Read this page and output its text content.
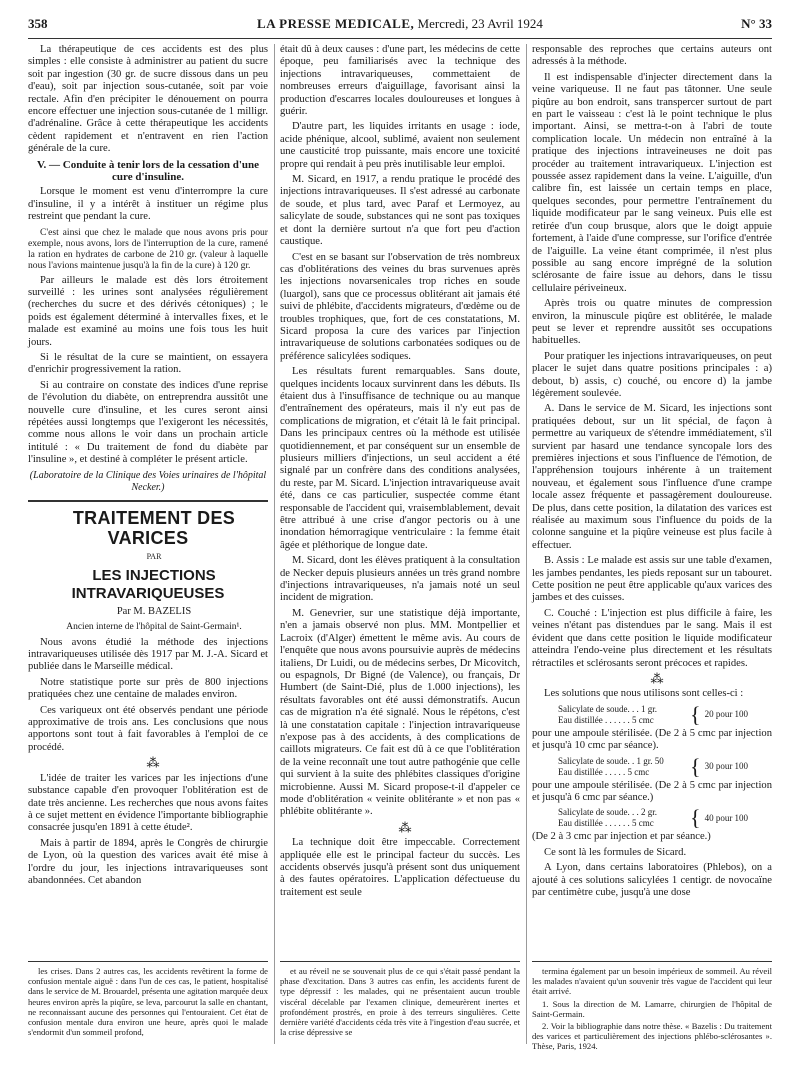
358	LA PRESSE MEDICALE, Mercredi, 23 Avril 1924	N° 33

La thérapeutique de ces accidents est des plus simples : elle consiste à administrer au patient du sucre soit par ingestion (30 gr. de sucre dissous dans un peu d'eau), soit par injection sous-cutanée, soit par voie rectale. Afin d'en précipiter le dénouement on pourra encore effectuer une injection sous-cutanée de 1 milligr. d'adrénaline. Grâce à cette thérapeutique les accidents cèdent rapidement et n'entravent en rien l'action générale de la cure.

V. — Conduite à tenir lors de la cessation d'une cure d'insuline.

Lorsque le moment est venu d'interrompre la cure d'insuline, il y a intérêt à instituer un régime plus restreint que pendant la cure.

C'est ainsi que chez le malade que nous avons pris pour exemple, nous avons, lors de l'interruption de la cure, ramené la ration en hydrates de carbone de 210 gr. (valeur à laquelle nous l'avions maintenue jusqu'à la fin de la cure) à 120 gr.

Par ailleurs le malade est dès lors étroitement surveillé : les urines sont analysées régulièrement (recherches du sucre et des dérivés cétoniques) ; le poids est également déterminé à intervalles fixes, et le malade est examiné au moins une fois tous les huit jours.

Si le résultat de la cure se maintient, on essayera d'enrichir progressivement la ration.

Si au contraire on constate des indices d'une reprise de l'évolution du diabète, on entreprendra aussitôt une nouvelle cure d'insuline, et les cures seront ainsi répétées aussi longtemps que l'exigeront les nécessités, comme nous allons le voir dans un prochain article intitulé : « Du traitement de fond du diabète par l'insuline », et destiné à compléter le présent article.

(Laboratoire de la Clinique des Voies urinaires de l'hôpital Necker.)

TRAITEMENT DES VARICES

PAR

LES INJECTIONS INTRAVARIQUEUSES

Par M. BAZELIS

Ancien interne de l'hôpital de Saint-Germain¹.

Nous avons étudié la méthode des injections intravariqueuses utilisée dès 1917 par M. J.-A. Sicard et publiée dans le Marseille médical.

Notre statistique porte sur près de 800 injections pratiquées chez une centaine de malades environ.

Ces variqueux ont été observés pendant une période approximative de trois ans. Les conclusions que nous apportons sont tout à fait favorables à l'emploi de ce procédé.

⁂

L'idée de traiter les varices par les injections d'une substance capable d'en provoquer l'oblitération est de date très ancienne. Les recherches que nous avons faites à ce sujet mettent en évidence l'importante bibliographie consacrée jusqu'en 1891 à cette étude².

Mais à partir de 1894, après le Congrès de chirurgie de Lyon, où la question des varices avait été mise à l'ordre du jour, les injections intravariqueuses sont abandonnées. Cet abandon

était dû à deux causes : d'une part, les médecins de cette époque, peu familiarisés avec la technique des injections intravariqueuses, commettaient de nombreuses erreurs d'aiguillage, favorisant ainsi la production d'escarres locales douloureuses et longues à guérir.

D'autre part, les liquides irritants en usage : iode, acide phénique, alcool, sublimé, avaient non seulement une causticité trop puissante, mais encore une toxicité propre qui rendait à peu près inutilisable leur emploi.

M. Sicard, en 1917, a rendu pratique le procédé des injections intravariqueuses. Il s'est adressé au carbonate de soude, et plus tard, avec Paraf et Lermoyez, au salicylate de soude, substances qui ne sont pas toxiques et dont la dernière surtout n'a que fort peu d'action caustique.

C'est en se basant sur l'observation de très nombreux cas d'oblitérations des veines du bras survenues après les injections novarsenicales trop riches en soude (luargol), sans que ce processus oblitérant ait jamais été suivi de phlébite, d'accidents migrateurs, d'œdème ou de troubles trophiques, que, fort de ces constatations, M. Sicard proposa la cure des varices par l'injection intravariqueuse de solutions carbonatées sodiques ou de préférence salicylées sodiques.

Les résultats furent remarquables. Sans doute, quelques incidents locaux survinrent dans les débuts. Ils étaient dus à l'insuffisance de technique ou au manque d'entraînement des opérateurs, mais il n'y eut pas de complications de migration, et c'était là le fait principal. Dans les principaux centres où la méthode est utilisée quotidiennement, et par conséquent sur un ensemble de plusieurs milliers d'injections, un seul accident a été signalé par un confrère dans des conditions analysées, du reste, par M. Sicard. L'injection intravariqueuse avait été, dans ce cas particulier, suspectée comme étant responsable de l'accident qui, vraisemblablement, devait être attribué à une crise d'angor pectoris ou à une inondation hémorragique ventriculaire : la femme était âgée et pléthorique de longue date.

M. Sicard, dont les élèves pratiquent à la consultation de Necker depuis plusieurs années un très grand nombre d'injections intravariqueuses, n'a jamais noté un seul incident de migration.

M. Genevrier, sur une statistique déjà importante, n'en a jamais observé non plus. MM. Montpellier et Lacroix (d'Alger) émettent le même avis. Au cours de l'enquête que nous avons poursuivie auprès de médecins italiens, Dr Luidi, ou de médecins serbes, Dr Micovitch, ou espagnols, Dr Bigné (de Valence), ou français, Dr Humbert (de Saint-Dié, plus de 1.000 injections), les résultats favorables ont été aussi démonstratifs. Aucun cas de migration n'a été signalé. Nous le répétons, c'est là une constatation capitale : l'injection intravariqueuse n'expose pas à des accidents, à des complications de caillots migrateurs. Ce fait est dû à ce que l'oblitération de la veine reconnaît une tout autre pathogénie que celle qui survient à la suite des phlébites classiques d'origine microbienne. Aussi M. Sicard propose-t-il d'appeler ce mode d'oblitération « veinite oblitérante » et non pas « phlébite oblitérante ».

⁂

La technique doit être impeccable. Correctement appliquée elle est le principal facteur du succès. Les accidents observés jusqu'à présent sont dus uniquement à des fautes opératoires. L'application défectueuse du traitement est seule

responsable des reproches que certains auteurs ont adressés à la méthode.

Il est indispensable d'injecter directement dans la veine variqueuse. Il ne faut pas tâtonner. Une seule piqûre au bon endroit, sans transpercer surtout de part en part le vaisseau : c'est là le point technique le plus important. Ainsi, se mettra-t-on à l'abri de toute complication locale. Un médecin non entraîné à la pratique des injections intraveineuses ne doit pas procéder au traitement intravariqueux. L'injection est poussée assez rapidement dans la veine. L'aiguille, d'un calibre fin, est laissée un certain temps en place, quelques secondes, pour permettre l'entraînement du liquide modificateur par le sang veineux. Puis elle est retirée d'un coup brusque, alors que le doigt appuie fortement, à l'aide d'une compresse, sur l'orifice d'entrée de l'aiguille. La veine étant comprimée, il n'est plus possible au sang encore imprégné de la solution sclérosante de faire issue au dehors, dans le tissu cellulaire périveineux.

Après trois ou quatre minutes de compression environ, la minuscule piqûre est oblitérée, le malade peut se lever et reprendre aussitôt ses occupations habituelles.

Pour pratiquer les injections intravariqueuses, on peut placer le sujet dans quatre positions principales : a) debout, b) assis, c) couché, ou encore d) la jambe légèrement soulevée.

A. Dans le service de M. Sicard, les injections sont pratiquées debout, sur un lit spécial, de façon à permettre au variqueux de s'étendre immédiatement, s'il survient par hasard une tendance syncopale lors des premières injections et sous l'influence de l'émotion, de l'appréhension toujours inhérente à un traitement nouveau, et également sous l'influence d'une crampe locale assez fréquente et passagèrement douloureuse. De plus, dans cette position, la dilatation des varices est réalisée au maximum sous l'influence du poids de la colonne sanguine et la piqûre veineuse est plus facile à effectuer.

B. Assis : Le malade est assis sur une table d'examen, les jambes pendantes, les pieds reposant sur un tabouret. Cette position ne peut être applicable qu'aux varices des jambes et des cuisses.

C. Couché : L'injection est plus difficile à faire, les veines n'étant pas distendues par le sang. Mais il est évident que dans cette position le liquide modificateur atteindra l'endo-veine plus directement et les résultats rétractiles et sclérosants seront précoces et rapides.

⁂

Les solutions que nous utilisons sont celles-ci :

Salicylate de soude. . . 1 gr.
Eau distillée . . . . . . 5 cmc	{ 20 pour 100

pour une ampoule stérilisée. (De 2 à 5 cmc par injection et jusqu'à 10 cmc par séance).

Salicylate de soude. . 1 gr. 50
Eau distillée . . . . . 5 cmc	{ 30 pour 100

pour une ampoule stérilisée. (De 2 à 5 cmc par injection et jusqu'à 6 cmc par séance.)

Salicylate de soude. . . 2 gr.
Eau distillée . . . . . . 5 cmc	{ 40 pour 100

(De 2 à 3 cmc par injection et par séance.)

Ce sont là les formules de Sicard.

A Lyon, dans certains laboratoires (Phlebos), on a ajouté à ces solutions salicylées 1 centigr. de novocaïne par centimètre cube, jusqu'à une dose

les crises. Dans 2 autres cas, les accidents revêtirent la forme de confusion mentale aiguë : dans l'un de ces cas, le patient, hospitalisé dans le service de M. Brouardel, présenta une agitation marquée deux heures environ après la piqûre, se leva, parcourut la salle en chantant, ne reconnaissant aucune des personnes qui l'entouraient. Cet état de confusion mentale dura environ une heure, après quoi le malade s'endormit d'un sommeil profond,

et au réveil ne se souvenait plus de ce qui s'était passé pendant la phase d'excitation. Dans 3 autres cas enfin, les accidents furent de type dépressif : les malades, qui ne présentaient aucun trouble viscéral décelable par l'examen clinique, demeurèrent inertes et profondément prostrés, en proie à des terreurs singulières. Cette dernière variété d'accidents céda très vite à l'ingestion d'eau sucrée, et la crise dépressive se

termina également par un besoin impérieux de sommeil. Au réveil les malades n'avaient qu'un souvenir très vague de l'accident qui leur était arrivé.

1. Sous la direction de M. Lamarre, chirurgien de l'hôpital de Saint-Germain.

2. Voir la bibliographie dans notre thèse. « Bazelis : Du traitement des varices et particulièrement des injections phlébo-sclérosantes ». Thèse, Paris, 1924.
